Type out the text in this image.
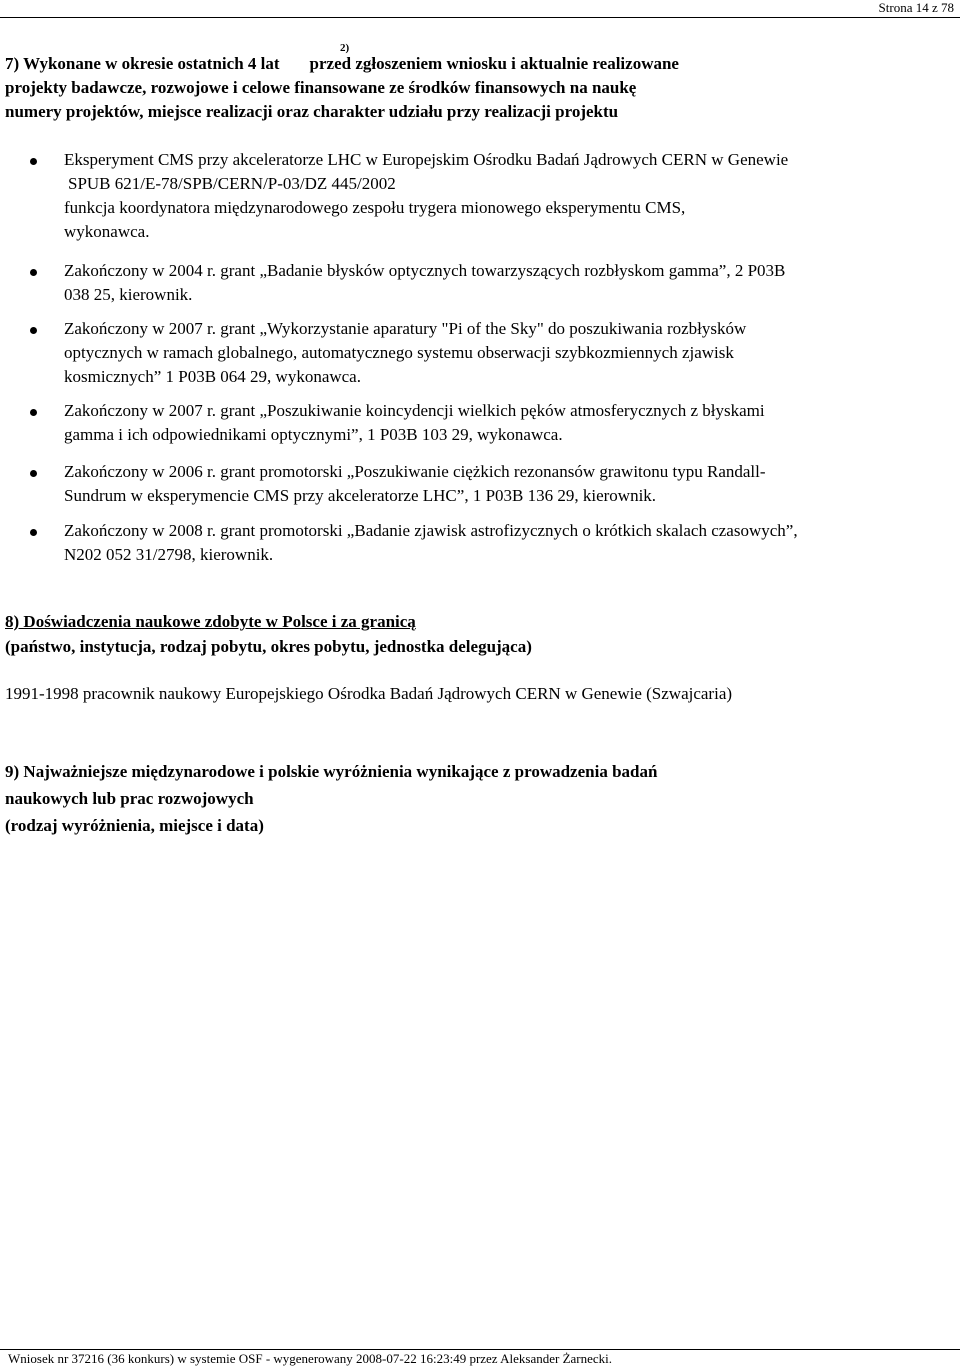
Strona 14 z 78
2)
7) Wykonane w okresie ostatnich 4 lat przed zgłoszeniem wniosku i aktualnie realizowane
projekty badawcze, rozwojowe i celowe finansowane ze środków finansowych na naukę
numery projektów, miejsce realizacji oraz charakter udziału przy realizacji projektu
Eksperyment CMS przy akceleratorze LHC w Europejskim Ośrodku Badań Jądrowych CERN w Genewie
SPUB 621/E-78/SPB/CERN/P-03/DZ 445/2002
funkcja koordynatora międzynarodowego zespołu trygera mionowego eksperymentu CMS,
wykonawca.
Zakończony w 2004 r. grant „Badanie błysków optycznych towarzyszących rozbłyskom gamma”, 2 P03B
038 25, kierownik.
Zakończony w 2007 r. grant „Wykorzystanie aparatury "Pi of the Sky" do poszukiwania rozbłysków
optycznych w ramach globalnego, automatycznego systemu obserwacji szybkozmiennych zjawisk
kosmicznych” 1 P03B 064 29, wykonawca.
Zakończony w 2007 r. grant „Poszukiwanie koincydencji wielkich pęków atmosferycznych z błyskami
gamma i ich odpowiednikami optycznymi”, 1 P03B 103 29, wykonawca.
Zakończony w 2006 r. grant promotorski „Poszukiwanie ciężkich rezonansów grawitonu typu Randall-
Sundrum w eksperymencie CMS przy akceleratorze LHC”, 1 P03B 136 29, kierownik.
Zakończony w 2008 r. grant promotorski „Badanie zjawisk astrofizycznych o krótkich skalach czasowych”,
N202 052 31/2798, kierownik.
8) Doświadczenia naukowe zdobyte w Polsce i za granicą
(państwo, instytucja, rodzaj pobytu, okres pobytu, jednostka delegująca)
1991-1998 pracownik naukowy Europejskiego Ośrodka Badań Jądrowych CERN w Genewie (Szwajcaria)
9) Najważniejsze międzynarodowe i polskie wyróżnienia wynikające z prowadzenia badań
naukowych lub prac rozwojowych
(rodzaj wyróżnienia, miejsce i data)
Wniosek nr 37216 (36 konkurs) w systemie OSF - wygenerowany 2008-07-22 16:23:49 przez Aleksander Żarnecki.
